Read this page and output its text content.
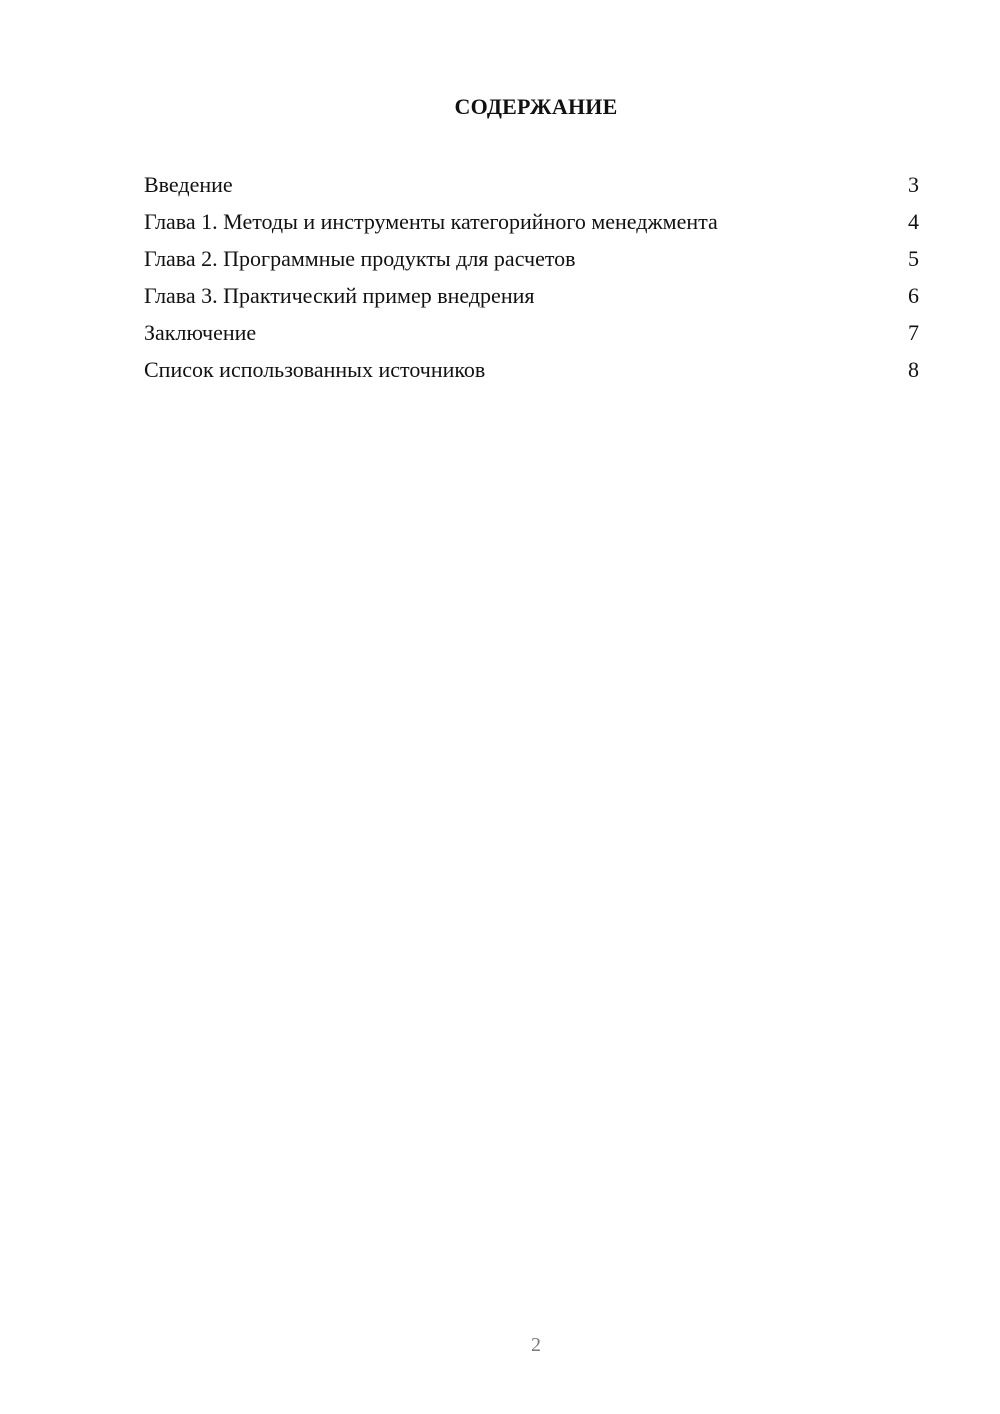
СОДЕРЖАНИЕ
Введение	3
Глава 1. Методы и инструменты категорийного менеджмента	4
Глава 2. Программные продукты для расчетов	5
Глава 3. Практический пример внедрения	6
Заключение	7
Список использованных источников	8
2
